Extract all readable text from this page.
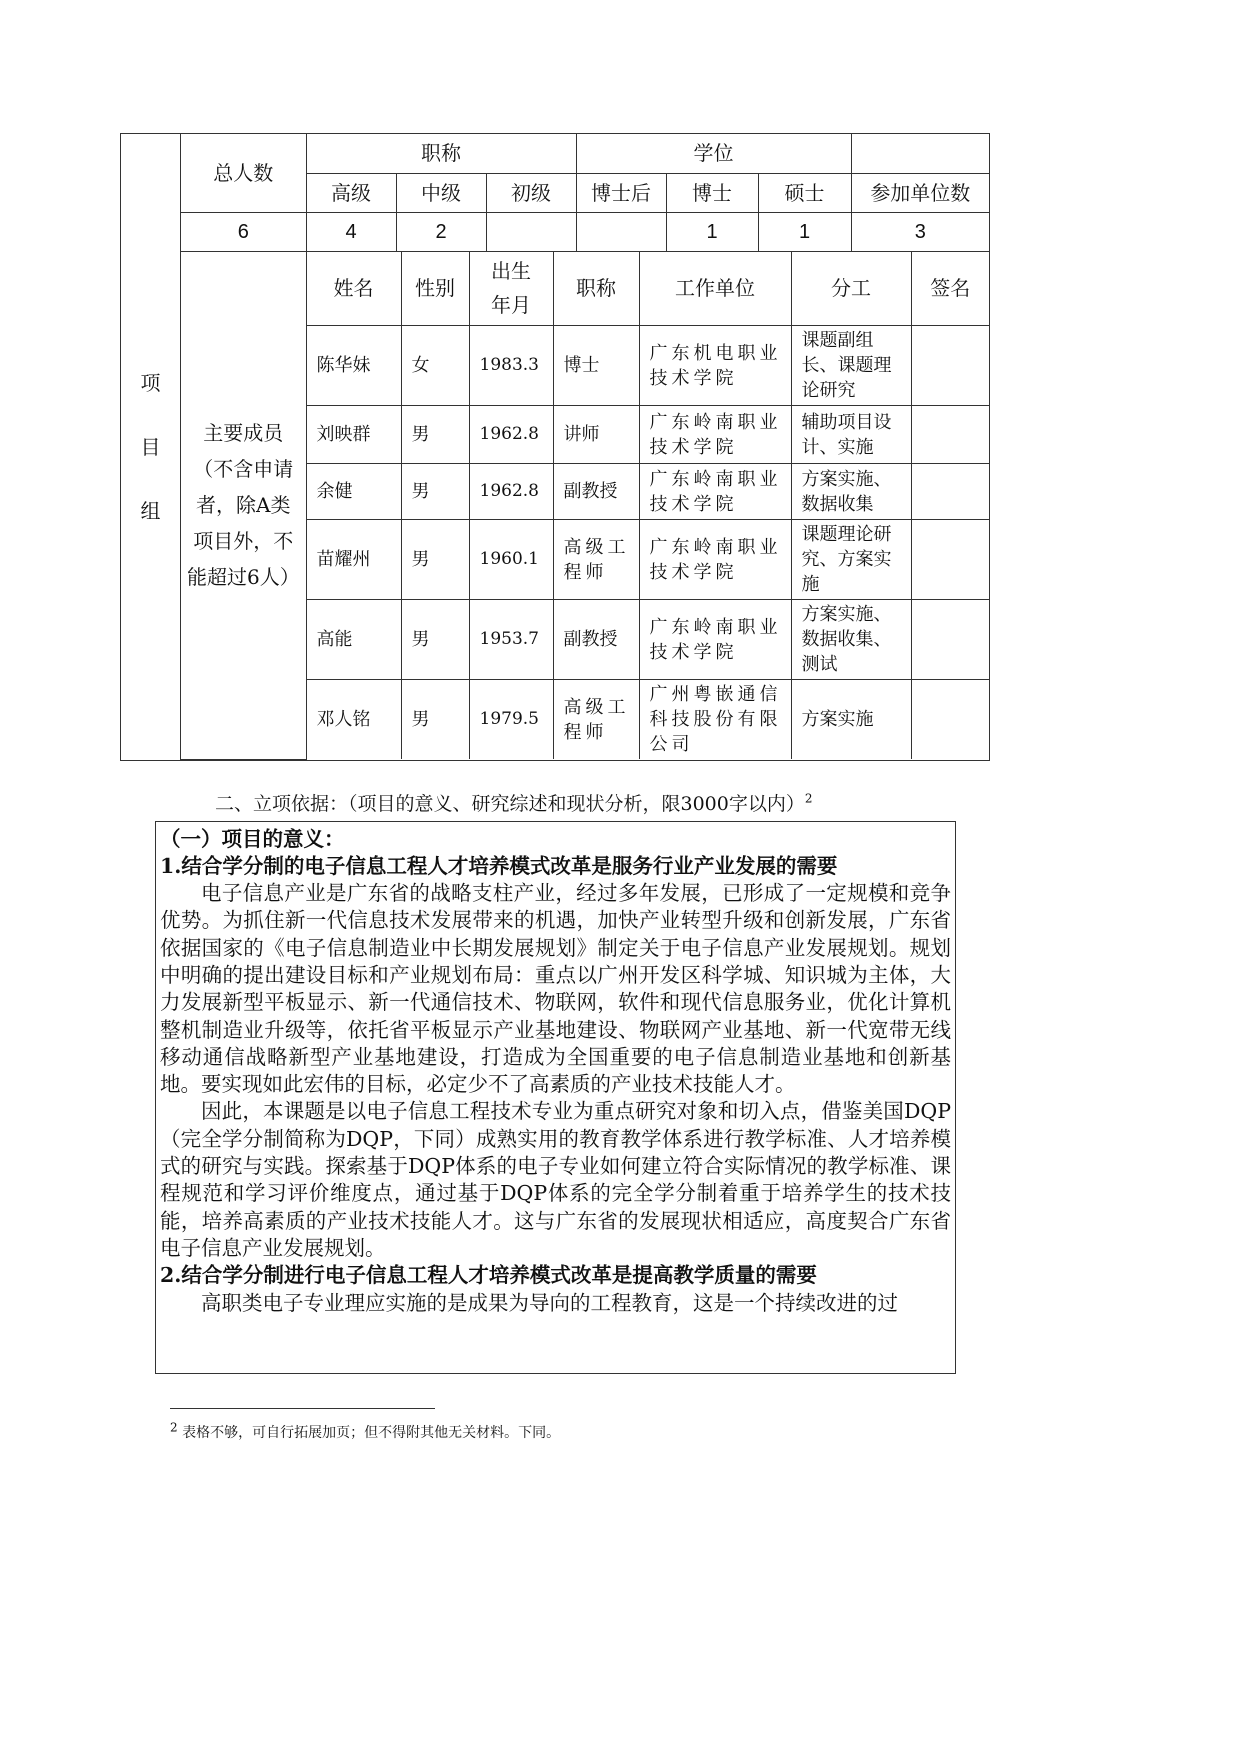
项
目
组
总人数	职称			学位			
	高级	中级	初级	博士后	博士	硕士	参加单位数
6	4	2			1	1	3
主要成员（不含申请者，除A类项目外，不能超过6人）	姓名	性别	出生年月	职称	工作单位	分工	签名
	陈华妹	女	1983.3	博士	广东机电职业技术学院	课题副组长、课题理论研究	
	刘映群	男	1962.8	讲师	广东岭南职业技术学院	辅助项目设计、实施	
	余健	男	1962.8	副教授	广东岭南职业技术学院	方案实施、数据收集	
	苗耀州	男	1960.1	高级工程师	广东岭南职业技术学院	课题理论研究、方案实施	
	高能	男	1953.7	副教授	广东岭南职业技术学院	方案实施、数据收集、测试	
	邓人铭	男	1979.5	高级工程师	广州粤嵌通信科技股份有限公司	方案实施	
二、立项依据：（项目的意义、研究综述和现状分析，限3000字以内）$^2$

（一）项目的意义：

1.结合学分制的电子信息工程人才培养模式改革是服务行业产业发展的需要

电子信息产业是广东省的战略支柱产业，经过多年发展，已形成了一定规模和竞争优势。为抓住新一代信息技术发展带来的机遇，加快产业转型升级和创新发展，广东省依据国家的《电子信息制造业中长期发展规划》制定关于电子信息产业发展规划。规划中明确的提出建设目标和产业规划布局：重点以广州开发区科学城、知识城为主体，大力发展新型平板显示、新一代通信技术、物联网，软件和现代信息服务业，优化计算机整机制造业升级等，依托省平板显示产业基地建设、物联网产业基地、新一代宽带无线移动通信战略新型产业基地建设，打造成为全国重要的电子信息制造业基地和创新基地。要实现如此宏伟的目标，必定少不了高素质的产业技术技能人才。

因此，本课题是以电子信息工程技术专业为重点研究对象和切入点，借鉴美国DQP（完全学分制简称为DQP，下同）成熟实用的教育教学体系进行教学标准、人才培养模式的研究与实践。探索基于DQP体系的电子专业如何建立符合实际情况的教学标准、课程规范和学习评价维度点，通过基于DQP体系的完全学分制着重于培养学生的技术技能，培养高素质的产业技术技能人才。这与广东省的发展现状相适应，高度契合广东省电子信息产业发展规划。

2.结合学分制进行电子信息工程人才培养模式改革是提高教学质量的需要

高职类电子专业理应实施的是成果为导向的工程教育，这是一个持续改进的过

$^2$ 表格不够，可自行拓展加页；但不得附其他无关材料。下同。
